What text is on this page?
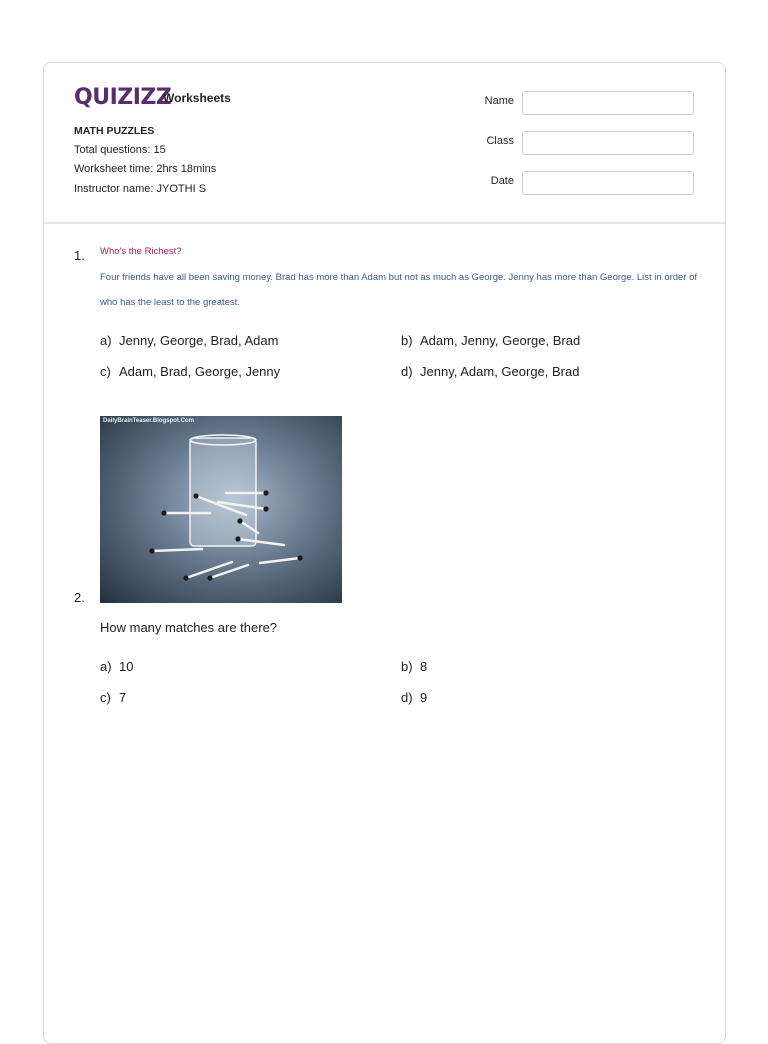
QUIZIZZ
Worksheets
MATH PUZZLES
Total questions: 15
Worksheet time: 2hrs 18mins
Instructor name: JYOTHI S
Name
Class
Date
1. Who's the Richest?
Four friends have all been saving money. Brad has more than Adam but not as much as George. Jenny has more than George. List in order of who has the least to the greatest.
a) Jenny, George, Brad, Adam	b) Adam, Jenny, George, Brad
c) Adam, Brad, George, Jenny	d) Jenny, Adam, George, Brad
DailyBrainTeaser.Blogspot.Com
2.
How many matches are there?
a) 10	b) 8
c) 7	d) 9
